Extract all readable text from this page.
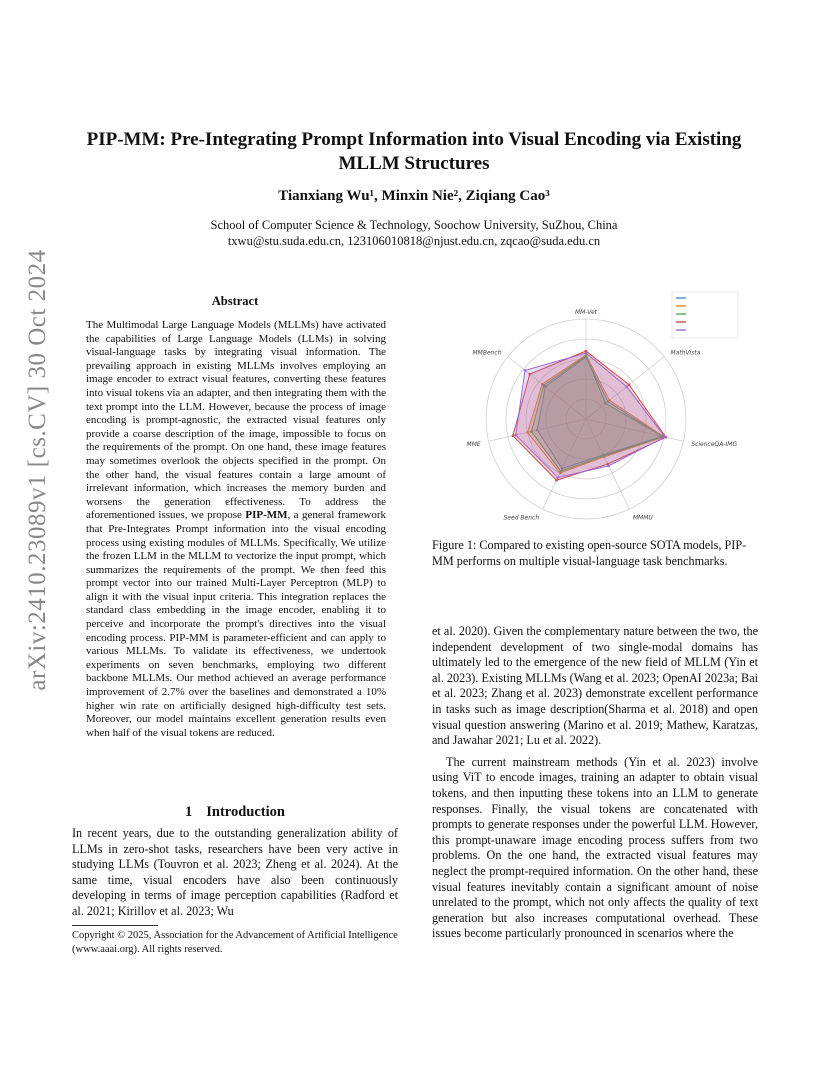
arXiv:2410.23089v1 [cs.CV] 30 Oct 2024
PIP-MM: Pre-Integrating Prompt Information into Visual Encoding via Existing MLLM Structures
Tianxiang Wu¹, Minxin Nie², Ziqiang Cao³
School of Computer Science & Technology, Soochow University, SuZhou, China
txwu@stu.suda.edu.cn, 123106010818@njust.edu.cn, zqcao@suda.edu.cn
Abstract
The Multimodal Large Language Models (MLLMs) have activated the capabilities of Large Language Models (LLMs) in solving visual-language tasks by integrating visual information. The prevailing approach in existing MLLMs involves employing an image encoder to extract visual features, converting these features into visual tokens via an adapter, and then integrating them with the text prompt into the LLM. However, because the process of image encoding is prompt-agnostic, the extracted visual features only provide a coarse description of the image, impossible to focus on the requirements of the prompt. On one hand, these image features may sometimes overlook the objects specified in the prompt. On the other hand, the visual features contain a large amount of irrelevant information, which increases the memory burden and worsens the generation effectiveness. To address the aforementioned issues, we propose PIP-MM, a general framework that Pre-Integrates Prompt information into the visual encoding process using existing modules of MLLMs. Specifically, We utilize the frozen LLM in the MLLM to vectorize the input prompt, which summarizes the requirements of the prompt. We then feed this prompt vector into our trained Multi-Layer Perceptron (MLP) to align it with the visual input criteria. This integration replaces the standard class embedding in the image encoder, enabling it to perceive and incorporate the prompt's directives into the visual encoding process. PIP-MM is parameter-efficient and can apply to various MLLMs. To validate its effectiveness, we undertook experiments on seven benchmarks, employing two different backbone MLLMs. Our method achieved an average performance improvement of 2.7% over the baselines and demonstrated a 10% higher win rate on artificially designed high-difficulty test sets. Moreover, our model maintains excellent generation results even when half of the visual tokens are reduced.
1 Introduction

In recent years, due to the outstanding generalization ability of LLMs in zero-shot tasks, researchers have been very active in studying LLMs (Touvron et al. 2023; Zheng et al. 2024). At the same time, visual encoders have also been continuously developing in terms of image perception capabilities (Radford et al. 2021; Kirillov et al. 2023; Wu

Copyright © 2025, Association for the Advancement of Artificial Intelligence (www.aaai.org). All rights reserved.
MM-Vet
MathVista
ScienceQA-IMG
MMMU
Seed Bench
MME
MMBench
Figure 1: Compared to existing open-source SOTA models, PIP-MM performs on multiple visual-language task benchmarks.

et al. 2020). Given the complementary nature between the two, the independent development of two single-modal domains has ultimately led to the emergence of the new field of MLLM (Yin et al. 2023). Existing MLLMs (Wang et al. 2023; OpenAI 2023a; Bai et al. 2023; Zhang et al. 2023) demonstrate excellent performance in tasks such as image description(Sharma et al. 2018) and open visual question answering (Marino et al. 2019; Mathew, Karatzas, and Jawahar 2021; Lu et al. 2022).

The current mainstream methods (Yin et al. 2023) involve using ViT to encode images, training an adapter to obtain visual tokens, and then inputting these tokens into an LLM to generate responses. Finally, the visual tokens are concatenated with prompts to generate responses under the powerful LLM. However, this prompt-unaware image encoding process suffers from two problems. On the one hand, the extracted visual features may neglect the prompt-required information. On the other hand, these visual features inevitably contain a significant amount of noise unrelated to the prompt, which not only affects the quality of text generation but also increases computational overhead. These issues become particularly pronounced in scenarios where the
